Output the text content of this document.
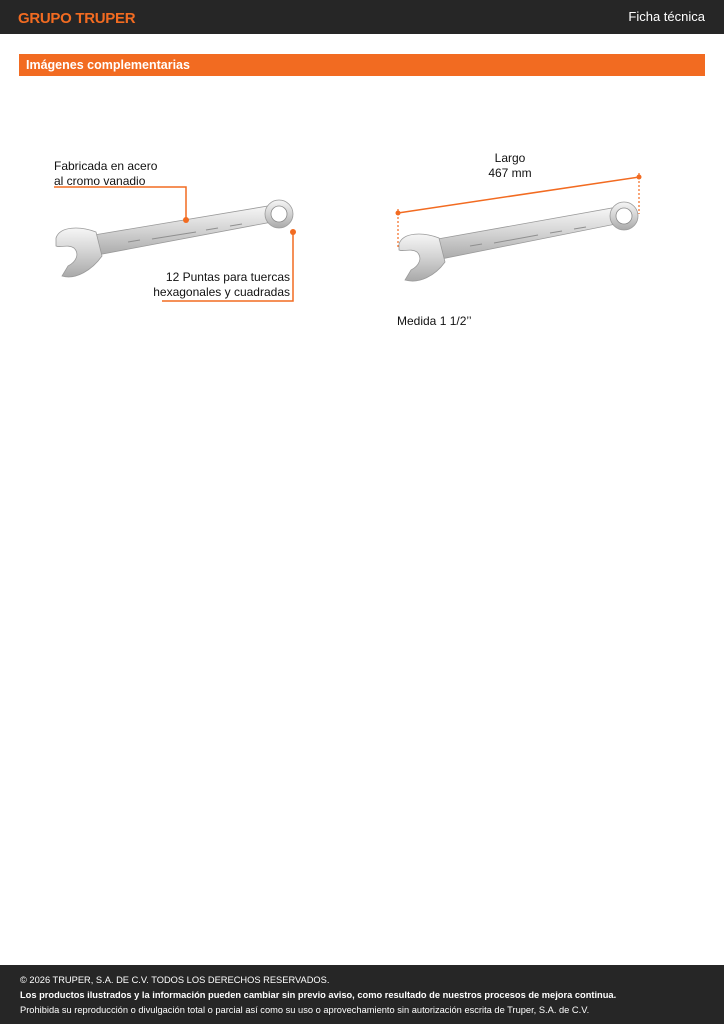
GRUPO TRUPER	Ficha técnica
Imágenes complementarias
Fabricada en acero
al cromo vanadio
12 Puntas para tuercas
hexagonales y cuadradas
Largo
467 mm
Medida 1 1/2’’
© 2026 TRUPER, S.A. DE C.V. TODOS LOS DERECHOS RESERVADOS.
Los productos ilustrados y la información pueden cambiar sin previo aviso, como resultado de nuestros procesos de mejora continua.
Prohibida su reproducción o divulgación total o parcial así como su uso o aprovechamiento sin autorización escrita de Truper, S.A. de C.V.
